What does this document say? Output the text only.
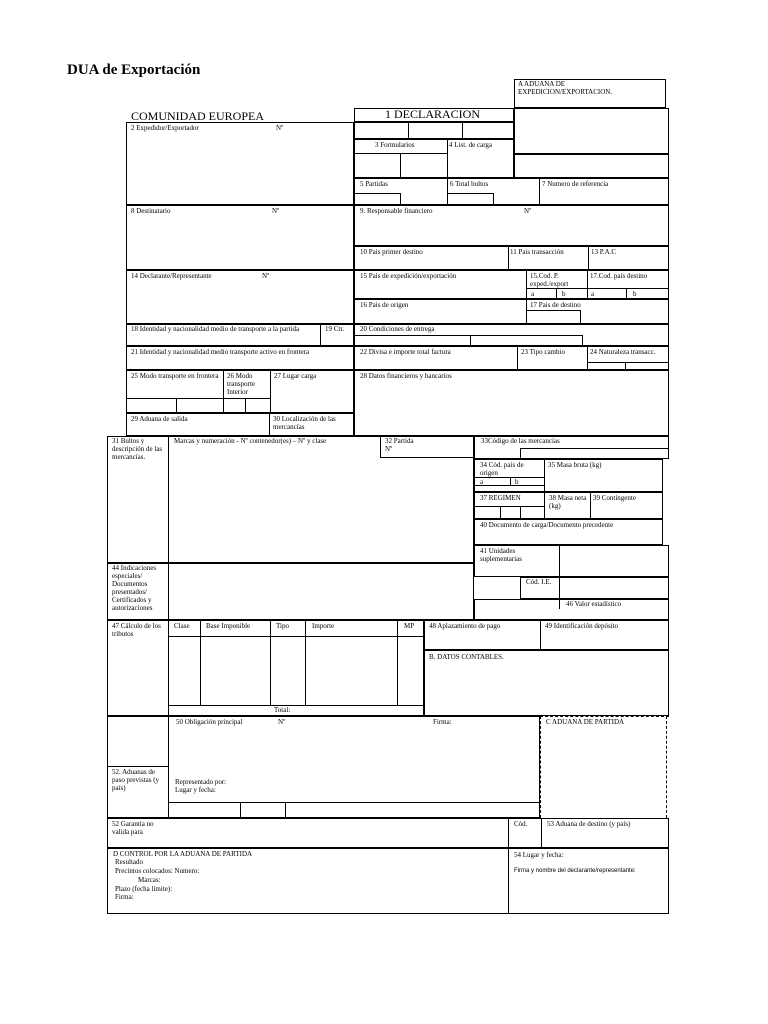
DUA de Exportación
A ADUANA DE EXPEDICION/EXPORTACION.
COMUNIDAD EUROPEA
2 Expedidor/Exportador	Nº
1 DECLARACION
3 Formularios	4 List. de carga
5 Partidas	6 Total bultos	7 Numero de referencia
8 Destinatario	Nº	9. Responsable financiero	Nº
10 Pais primer destino	11 Pais transacción	13 P.A.C
14 Declarante/Representante	Nº	15 Pais de expedición/exportación	15.Cod. P. exped./export
17.Cod. país destino
a	b	a	b
16 Pais de origen	17 Pais de destino
18 Identidad y nacionalidad medio de transporte a la partida	19 Ctr.	20 Condiciones de entrega
21 Identidad y nacionalidad medio transporte activo en frontera	22 Divisa e importe total factura	23 Tipo cambio	24 Naturaleza transacc.
25 Modo transporte en frontera 26 Modo transporte Interior
27 Lugar carga	28 Datos financieros y bancarios
29 Aduana de salida	30 Localización de las mercancías
31 Bultos y descripción de las mercancías.
Marcas y numeración - Nº contenedor(es) – Nº y clase	32 Partida
Nº
33Código de las mercancías
34 Cód. país de origen
a	b
35 Masa bruta (kg)
37 REGIMEN	38 Masa neta (kg)
39 Contingente
40 Documento de carga/Documento precedente
41 Unidades suplementarias
44 Indicaciones especiales/ Documentos presentados/ Certificados y autorizaciones
Cód. I.E.
46 Valor estadístico
47 Cálculo de los tributos
Clase Base Imponible	Tipo	Importe	MP
Total:
48 Aplazamiento de pago	49 Identificación depósito
B. DATOS CONTABLES.
50 Obligación principal	Nº	Firma:
52. Aduanas de paso previstas (y país)
Representado por:
Lugar y fecha:
C ADUANA DE PARTIDA
52 Garantía no valida para
Cód.	53 Aduana de destino (y país)
D CONTROL POR LA ADUANA DE PARTIDA
Resultado
Precintos colocados: Numero:
Marcas:
Plazo (fecha límite):
Firma:
54 Lugar y fecha:
Firma y nombre del declarante/representante:
